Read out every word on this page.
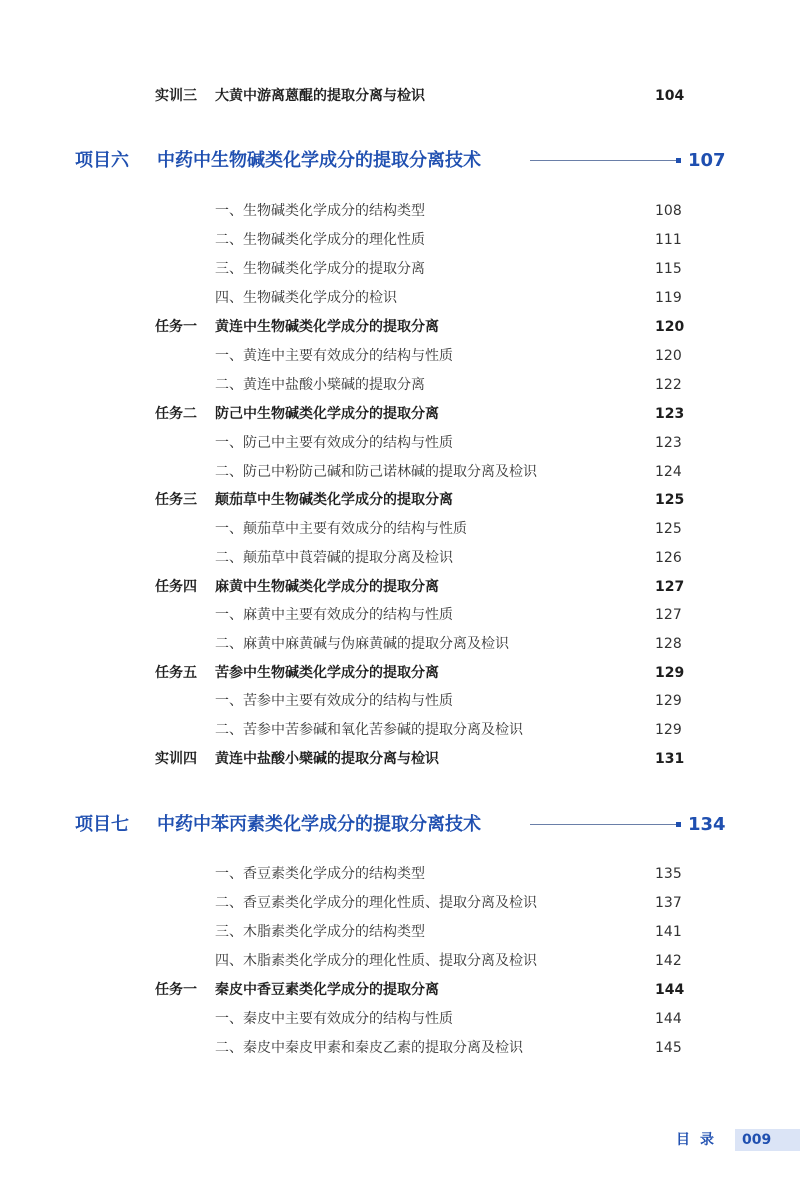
实训三 大黄中游离蒽醌的提取分离与检识	104
项目六 中药中生物碱类化学成分的提取分离技术	107
一、生物碱类化学成分的结构类型	108
二、生物碱类化学成分的理化性质	111
三、生物碱类化学成分的提取分离	115
四、生物碱类化学成分的检识	119
任务一 黄连中生物碱类化学成分的提取分离	120
一、黄连中主要有效成分的结构与性质	120
二、黄连中盐酸小檗碱的提取分离	122
任务二 防己中生物碱类化学成分的提取分离	123
一、防己中主要有效成分的结构与性质	123
二、防己中粉防己碱和防己诺林碱的提取分离及检识	124
任务三 颠茄草中生物碱类化学成分的提取分离	125
一、颠茄草中主要有效成分的结构与性质	125
二、颠茄草中莨菪碱的提取分离及检识	126
任务四 麻黄中生物碱类化学成分的提取分离	127
一、麻黄中主要有效成分的结构与性质	127
二、麻黄中麻黄碱与伪麻黄碱的提取分离及检识	128
任务五 苦参中生物碱类化学成分的提取分离	129
一、苦参中主要有效成分的结构与性质	129
二、苦参中苦参碱和氧化苦参碱的提取分离及检识	129
实训四 黄连中盐酸小檗碱的提取分离与检识	131
项目七 中药中苯丙素类化学成分的提取分离技术	134
一、香豆素类化学成分的结构类型	135
二、香豆素类化学成分的理化性质、提取分离及检识	137
三、木脂素类化学成分的结构类型	141
四、木脂素类化学成分的理化性质、提取分离及检识	142
任务一 秦皮中香豆素类化学成分的提取分离	144
一、秦皮中主要有效成分的结构与性质	144
二、秦皮中秦皮甲素和秦皮乙素的提取分离及检识	145
目录 009
